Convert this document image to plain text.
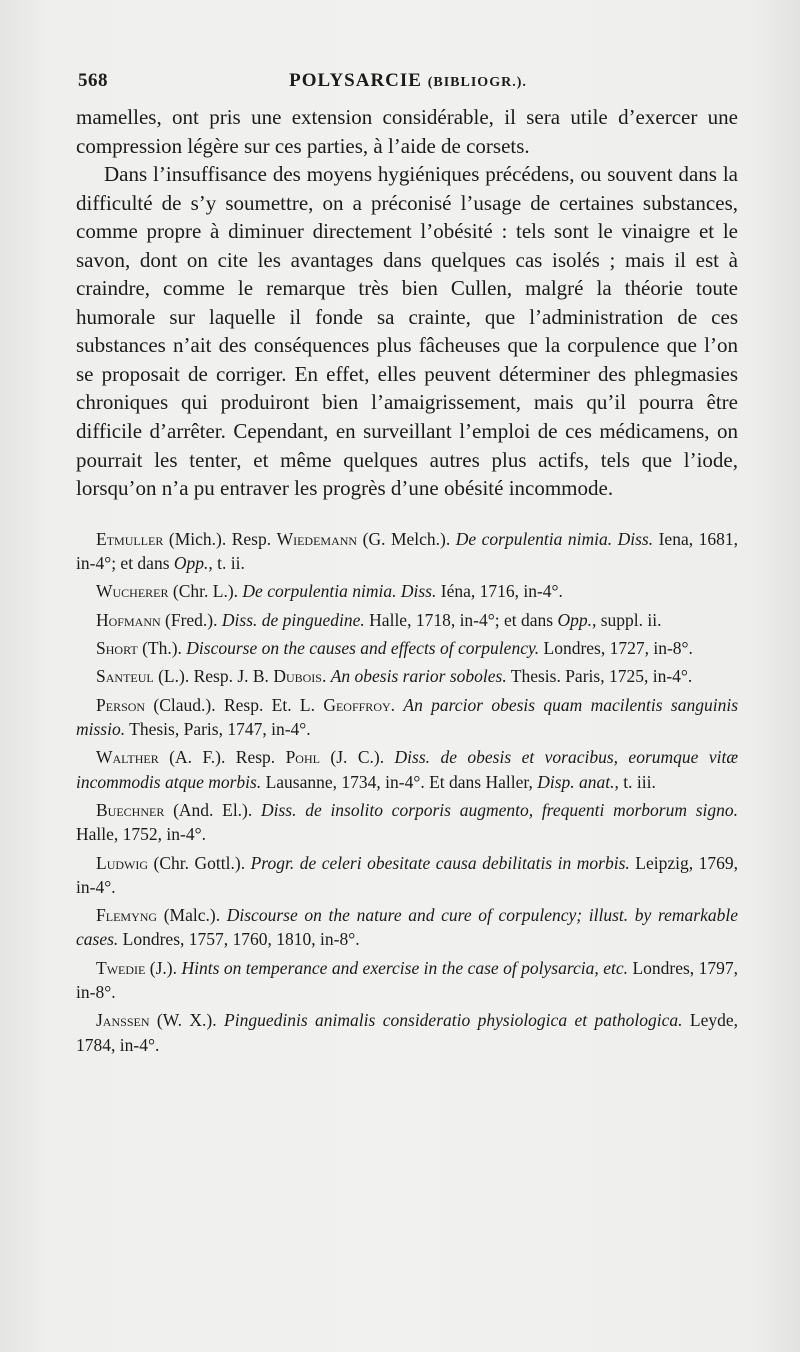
568	POLYSARCIE (BIBLIOGR.).

mamelles, ont pris une extension considérable, il sera utile d’exercer une compression légère sur ces parties, à l’aide de corsets.

Dans l’insuffisance des moyens hygiéniques précédens, ou souvent dans la difficulté de s’y soumettre, on a préconisé l’usage de certaines substances, comme propre à diminuer directement l’obésité : tels sont le vinaigre et le savon, dont on cite les avantages dans quelques cas isolés ; mais il est à craindre, comme le remarque très bien Cullen, malgré la théorie toute humorale sur laquelle il fonde sa crainte, que l’administration de ces substances n’ait des conséquences plus fâcheuses que la corpulence que l’on se proposait de corriger. En effet, elles peuvent déterminer des phlegmasies chroniques qui produiront bien l’amaigrissement, mais qu’il pourra être difficile d’arrêter. Cependant, en surveillant l’emploi de ces médicamens, on pourrait les tenter, et même quelques autres plus actifs, tels que l’iode, lorsqu’on n’a pu entraver les progrès d’une obésité incommode.

Etmuller (Mich.). Resp. Wiedemann (G. Melch.). De corpulentia nimia. Diss. Iena, 1681, in-4°; et dans Opp., t. ii.

Wucherer (Chr. L.). De corpulentia nimia. Diss. Iéna, 1716, in-4°.

Hofmann (Fred.). Diss. de pinguedine. Halle, 1718, in-4°; et dans Opp., suppl. ii.

Short (Th.). Discourse on the causes and effects of corpulency. Londres, 1727, in-8°.

Santeul (L.). Resp. J. B. Dubois. An obesis rarior soboles. Thesis. Paris, 1725, in-4°.

Person (Claud.). Resp. Et. L. Geoffroy. An parcior obesis quam macilentis sanguinis missio. Thesis, Paris, 1747, in-4°.

Walther (A. F.). Resp. Pohl (J. C.). Diss. de obesis et voracibus, eorumque vitæ incommodis atque morbis. Lausanne, 1734, in-4°. Et dans Haller, Disp. anat., t. iii.

Buechner (And. El.). Diss. de insolito corporis augmento, frequenti morborum signo. Halle, 1752, in-4°.

Ludwig (Chr. Gottl.). Progr. de celeri obesitate causa debilitatis in morbis. Leipzig, 1769, in-4°.

Flemyng (Malc.). Discourse on the nature and cure of corpulency; illust. by remarkable cases. Londres, 1757, 1760, 1810, in-8°.

Twedie (J.). Hints on temperance and exercise in the case of polysarcia, etc. Londres, 1797, in-8°.

Janssen (W. X.). Pinguedinis animalis consideratio physiologica et pathologica. Leyde, 1784, in-4°.
